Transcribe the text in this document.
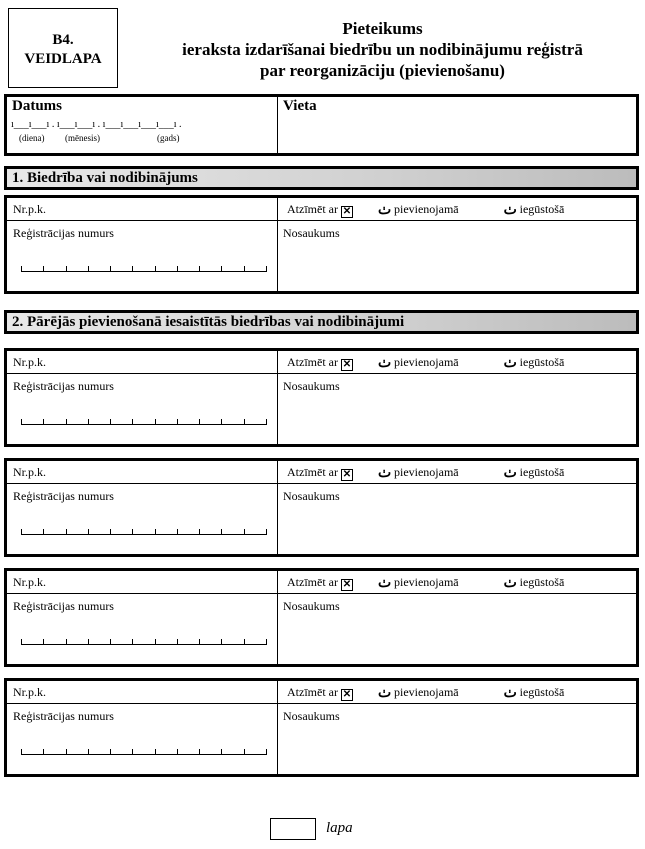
B4.
VEIDLAPA
Pieteikums
ieraksta izdarīšanai biedrību un nodibinājumu reģistrā
par reorganizāciju (pievienošanu)
Datums
ı___ı___ı . ı___ı___ı . ı___ı___ı___ı___ı .
(diena) (mēnesis)	(gads)
Vieta
1. Biedrība vai nodibinājums
Nr.p.k.	Atzīmēt ar ✕ ٺ pievienojamā	ٺ iegūstošā
Reģistrācijas numurs	Nosaukums
2. Pārējās pievienošanā iesaistītās biedrības vai nodibinājumi
Nr.p.k.	Atzīmēt ar ✕ ٺ pievienojamā	ٺ iegūstošā
Reģistrācijas numurs	Nosaukums
Nr.p.k.	Atzīmēt ar ✕ ٺ pievienojamā	ٺ iegūstošā
Reģistrācijas numurs	Nosaukums
Nr.p.k.	Atzīmēt ar ✕ ٺ pievienojamā	ٺ iegūstošā
Reģistrācijas numurs	Nosaukums
Nr.p.k.	Atzīmēt ar ✕ ٺ pievienojamā	ٺ iegūstošā
Reģistrācijas numurs	Nosaukums
lapa
